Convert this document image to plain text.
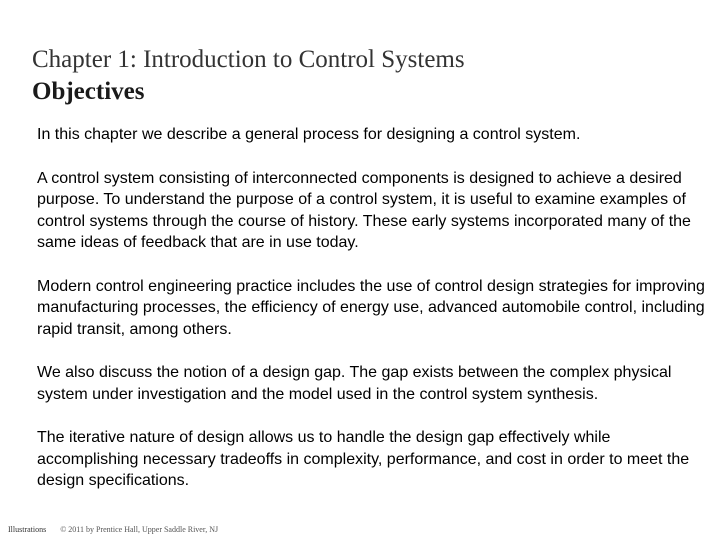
Chapter 1: Introduction to Control Systems
Objectives

In this chapter we describe a general process for designing a control system.

A control system consisting of interconnected components is designed to achieve a desired purpose. To understand the purpose of a control system, it is useful to examine examples of control systems through the course of history. These early systems incorporated many of the same ideas of feedback that are in use today.

Modern control engineering practice includes the use of control design strategies for improving manufacturing processes, the efficiency of energy use, advanced automobile control, including rapid transit, among others.

We also discuss the notion of a design gap. The gap exists between the complex physical system under investigation and the model used in the control system synthesis.

The iterative nature of design allows us to handle the design gap effectively while accomplishing necessary tradeoffs in complexity, performance, and cost in order to meet the design specifications.

Illustrations © 2011 by Prentice Hall, Upper Saddle River, NJ
